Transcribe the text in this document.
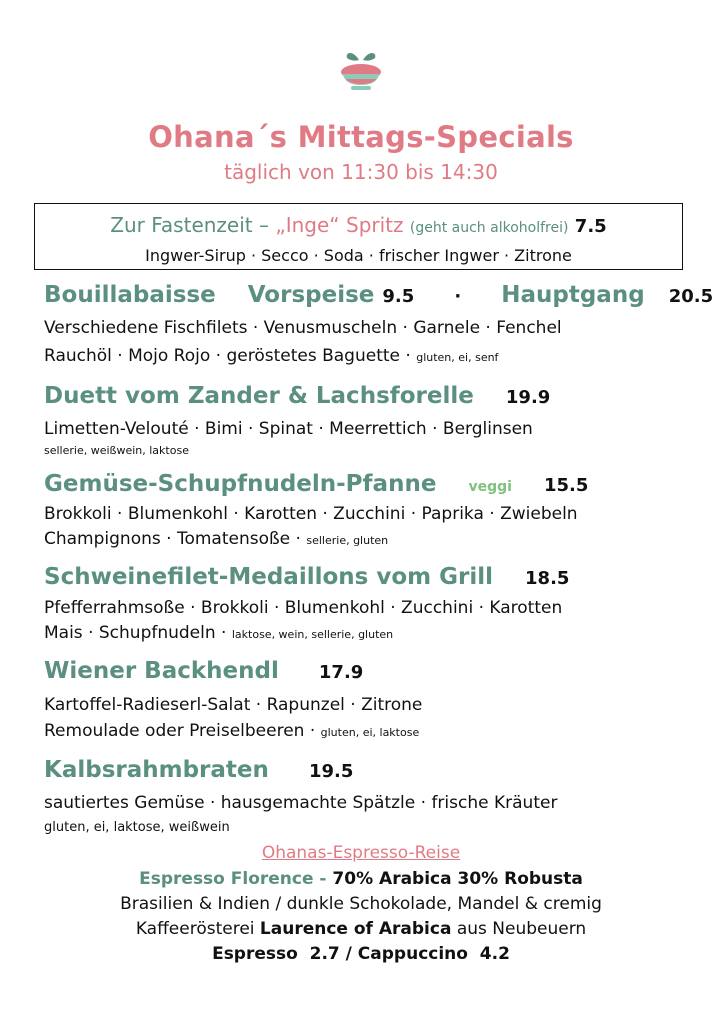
Ohana´s Mittags-Specials
täglich von 11:30 bis 14:30
Zur Fastenzeit – „Inge“ Spritz (geht auch alkoholfrei) 7.5
Ingwer-Sirup · Secco · Soda · frischer Ingwer · Zitrone
Bouillabaisse Vorspeise 9.5 · Hauptgang 20.5
Verschiedene Fischfilets · Venusmuscheln · Garnele · Fenchel
Rauchöl · Mojo Rojo · geröstetes Baguette · gluten, ei, senf
Duett vom Zander & Lachsforelle 19.9
Limetten-Velouté · Bimi · Spinat · Meerrettich · Berglinsen
sellerie, weißwein, laktose
Gemüse-Schupfnudeln-Pfanne veggi 15.5
Brokkoli · Blumenkohl · Karotten · Zucchini · Paprika · Zwiebeln
Champignons · Tomatensoße · sellerie, gluten
Schweinefilet-Medaillons vom Grill 18.5
Pfefferrahmsoße · Brokkoli · Blumenkohl · Zucchini · Karotten
Mais · Schupfnudeln · laktose, wein, sellerie, gluten
Wiener Backhendl 17.9
Kartoffel-Radieserl-Salat · Rapunzel · Zitrone
Remoulade oder Preiselbeeren · gluten, ei, laktose
Kalbsrahmbraten 19.5
sautiertes Gemüse · hausgemachte Spätzle · frische Kräuter
gluten, ei, laktose, weißwein
Ohanas-Espresso-Reise
Espresso Florence - 70% Arabica 30% Robusta
Brasilien & Indien / dunkle Schokolade, Mandel & cremig
Kaffeerösterei Laurence of Arabica aus Neubeuern
Espresso  2.7 / Cappuccino  4.2
